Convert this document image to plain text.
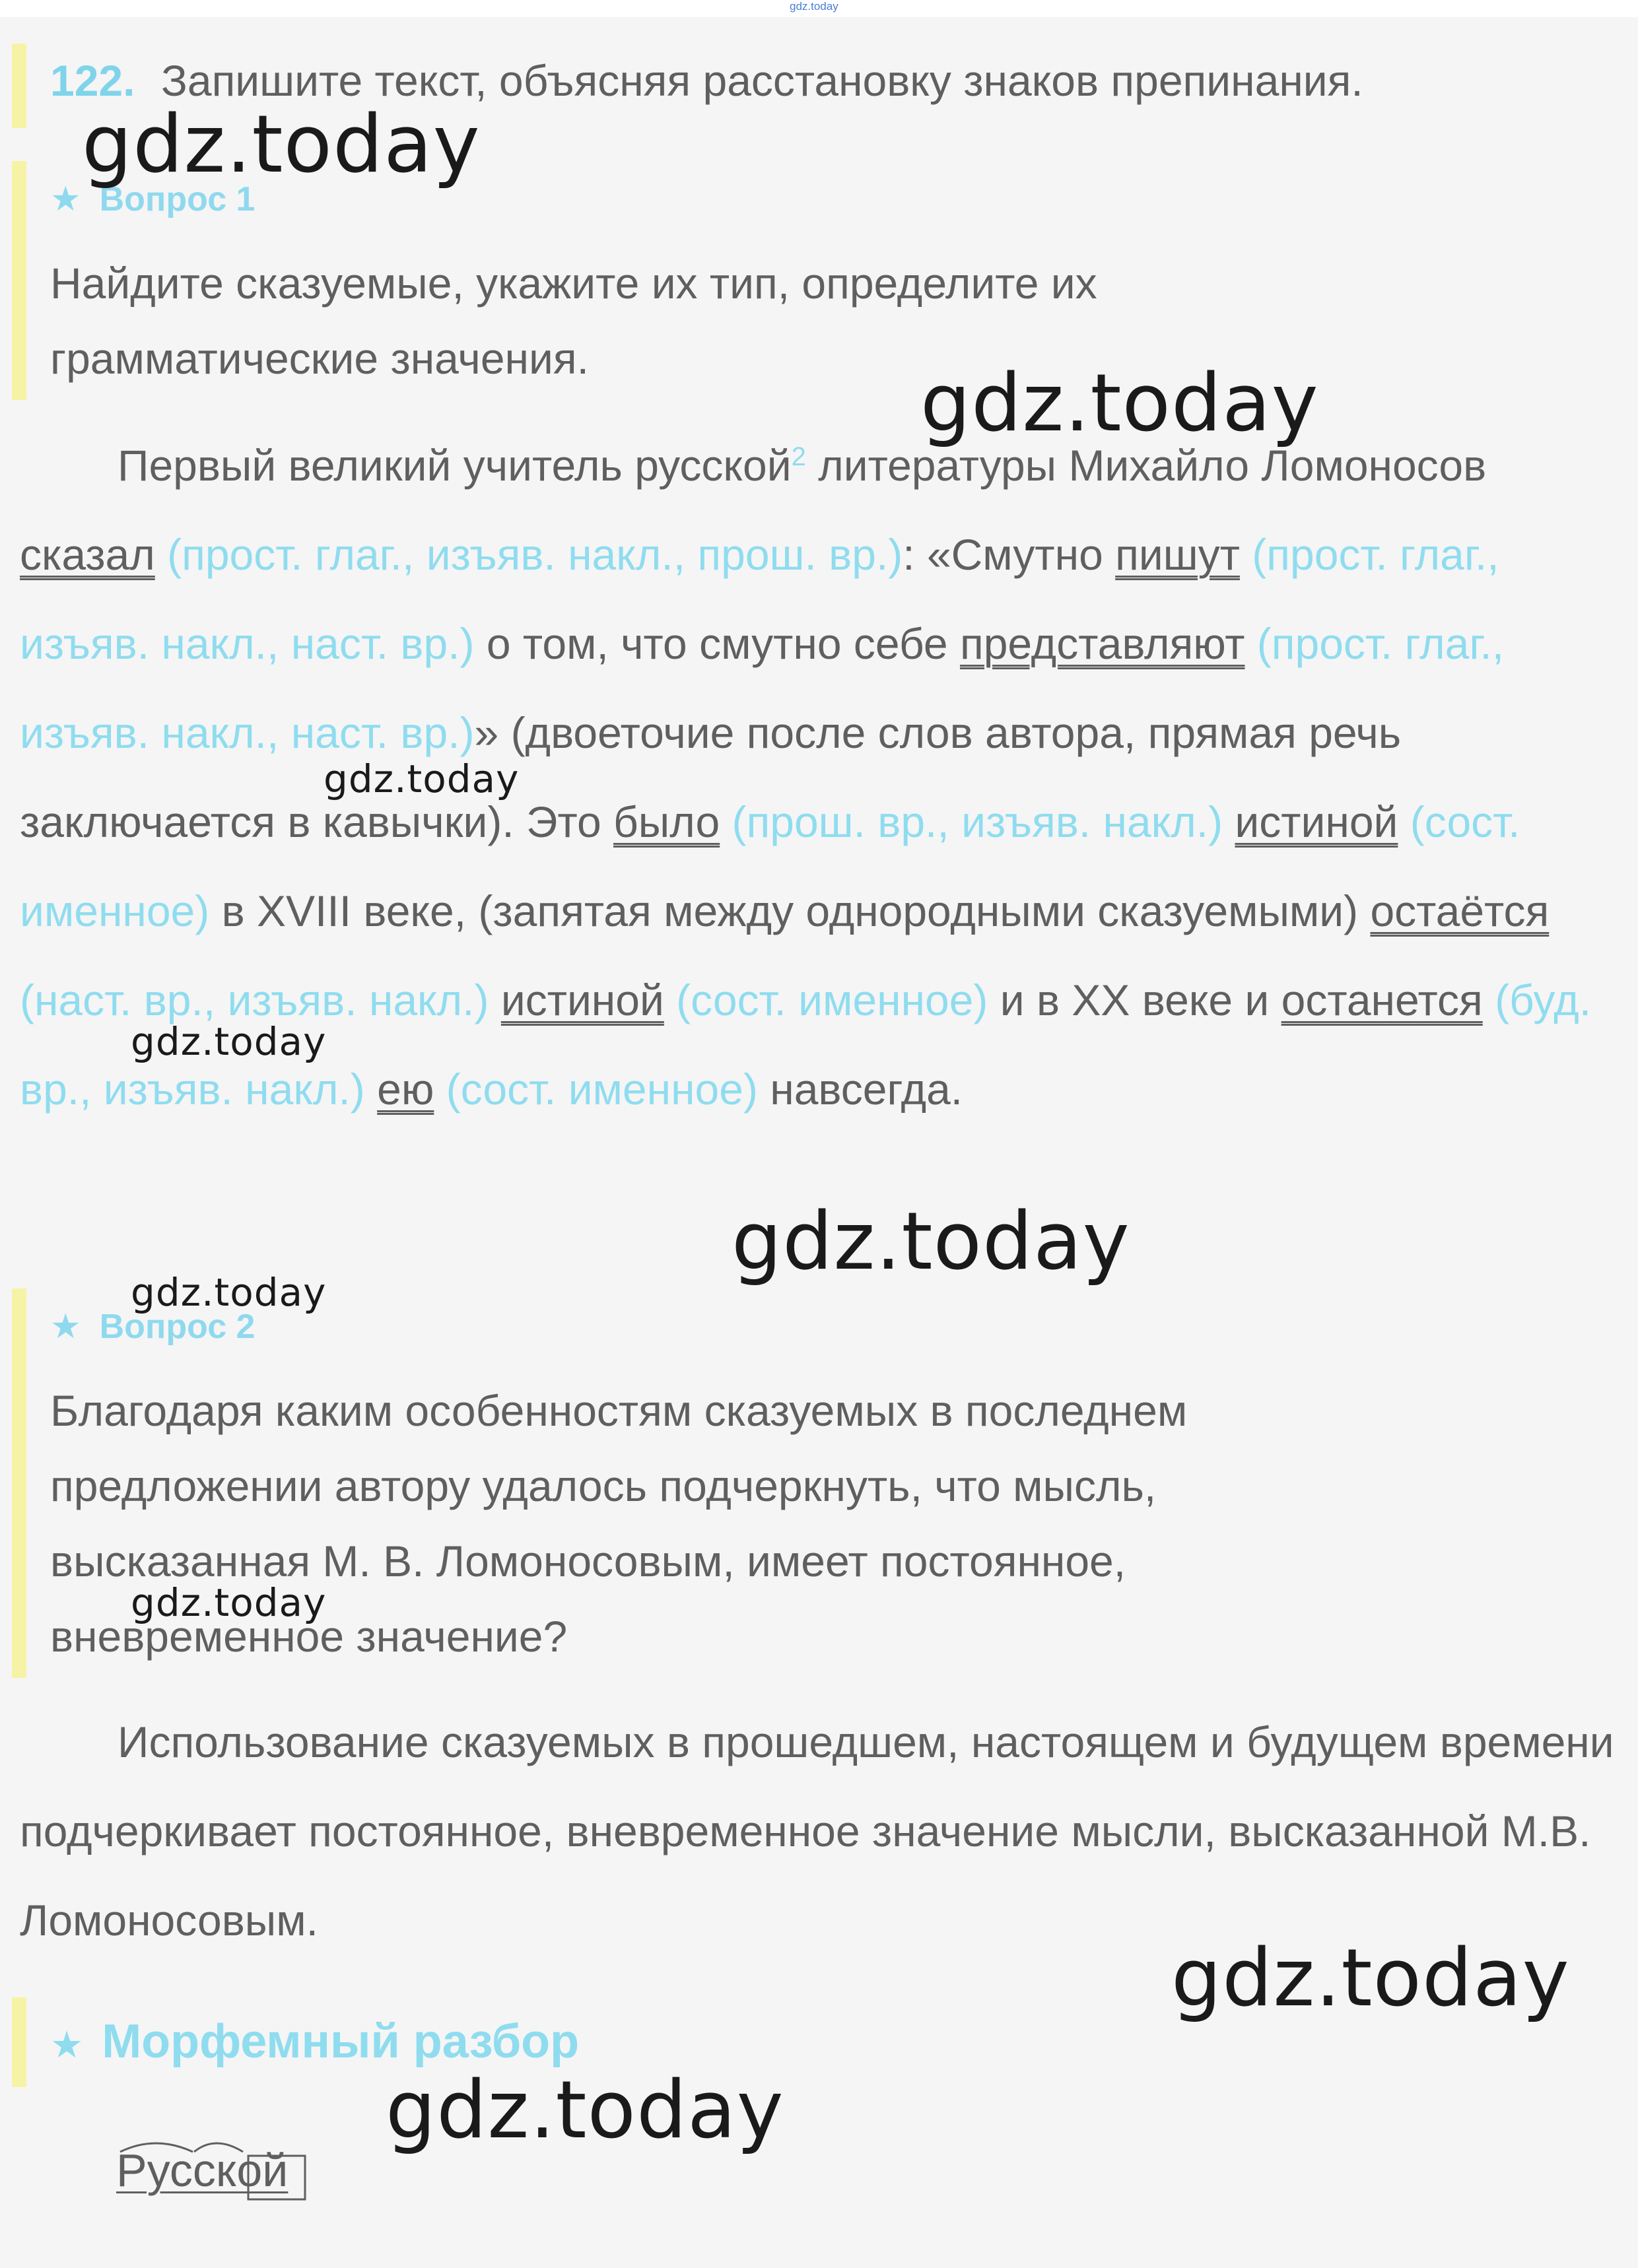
gdz.today
122. Запишите текст, объясняя расстановку знаков препинания.
★ Вопрос 1
Найдите сказуемые, укажите их тип, определите их
грамматические значения.
Первый великий учитель русской$^2$ литературы Михайло Ломоносов сказал (прост. глаг., изъяв. накл., прош. вр.): «Смутно пишут (прост. глаг., изъяв. накл., наст. вр.) о том, что смутно себе представляют (прост. глаг., изъяв. накл., наст. вр.)» (двоеточие после слов автора, прямая речь заключается в кавычки). Это было (прош. вр., изъяв. накл.) истиной (сост. именное) в XVIII веке, (запятая между однородными сказуемыми) остаётся (наст. вр., изъяв. накл.) истиной (сост. именное) и в XX веке и останется (буд. вр., изъяв. накл.) ею (сост. именное) навсегда.
★ Вопрос 2
Благодаря каким особенностям сказуемых в последнем
предложении автору удалось подчеркнуть, что мысль,
высказанная М. В. Ломоносовым, имеет постоянное,
вневременное значение?
Использование сказуемых в прошедшем, настоящем и будущем времени подчеркивает постоянное, вневременное значение мысли, высказанной М.В. Ломоносовым.
★ Морфемный разбор
Русской
gdz.today
gdz.today
gdz.today
gdz.today
gdz.today
gdz.today
gdz.today
gdz.today
gdz.today
